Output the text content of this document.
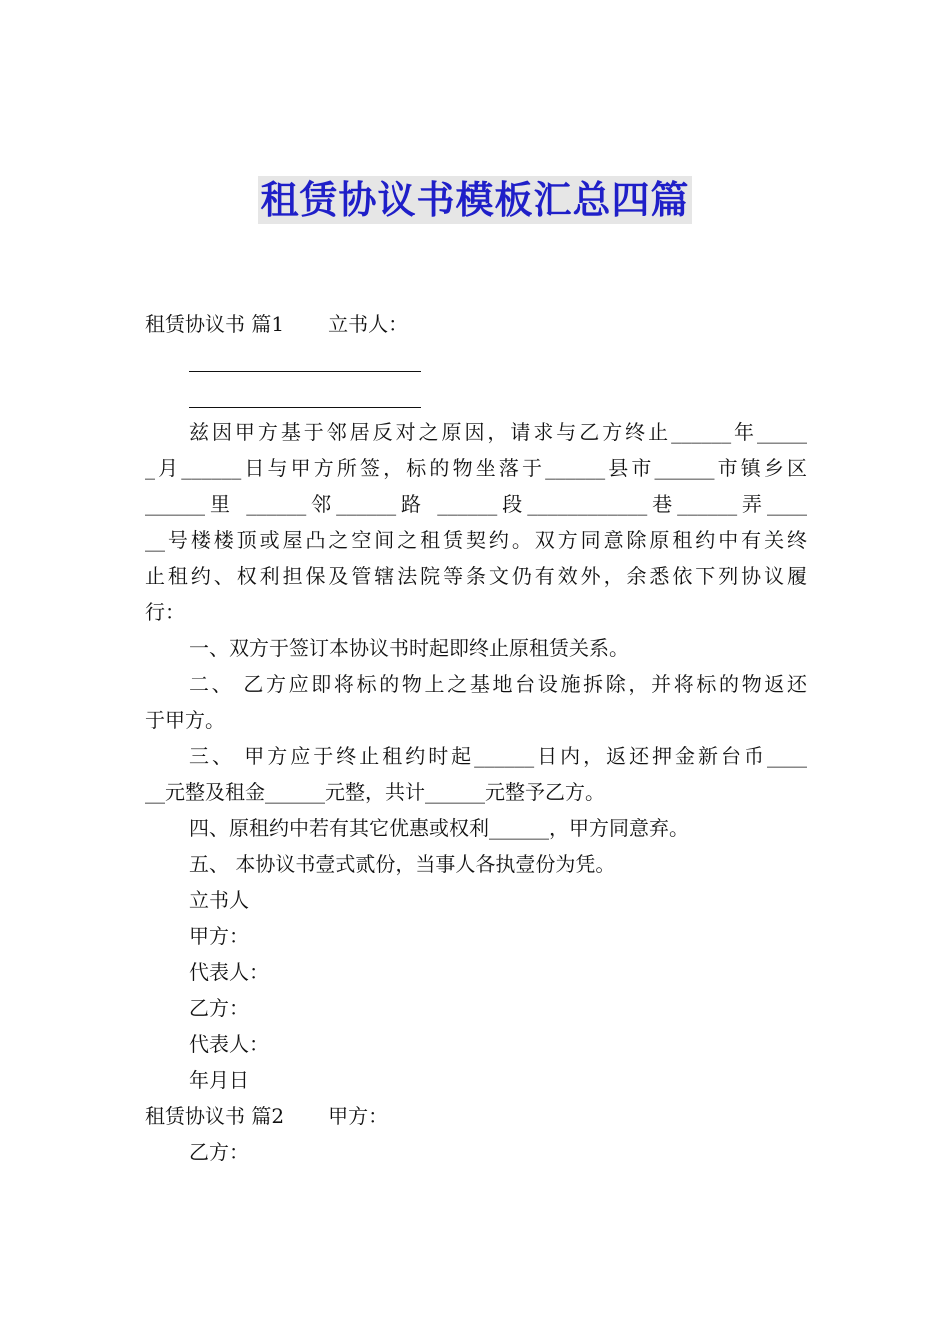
租赁协议书模板汇总四篇
租赁协议书 篇1 立书人：
兹因甲方基于邻居反对之原因，请求与乙方终止______年_____
_月______日与甲方所签，标的物坐落于______县市______市镇乡区
______里 ______邻______路 ______段____________巷______弄____
__号楼楼顶或屋凸之空间之租赁契约。双方同意除原租约中有关终
止租约、权利担保及管辖法院等条文仍有效外，余悉依下列协议履
行：
一、双方于签订本协议书时起即终止原租赁关系。
二、 乙方应即将标的物上之基地台设施拆除，并将标的物返还
于甲方。
三、 甲方应于终止租约时起______日内，返还押金新台币____
__元整及租金______元整，共计______元整予乙方。
四、原租约中若有其它优惠或权利______，甲方同意弃。
五、 本协议书壹式贰份，当事人各执壹份为凭。
立书人
甲方：
代表人：
乙方：
代表人：
年月日
租赁协议书 篇2 甲方：
乙方：
